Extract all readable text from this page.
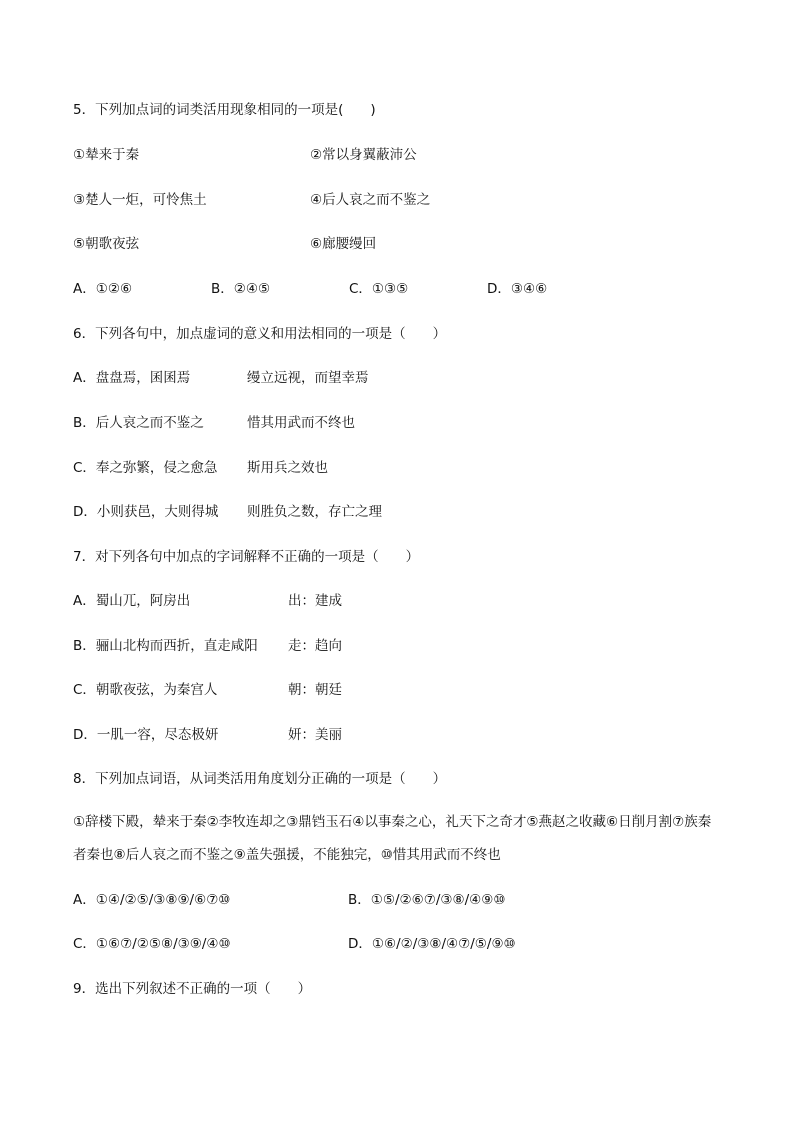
5．下列加点词的词类活用现象相同的一项是(　　)
①辇来于秦	②常以身翼蔽沛公
③楚人一炬，可怜焦土	④后人哀之而不鉴之
⑤朝歌夜弦	⑥廊腰缦回
A．①②⑥	B．②④⑤	C．①③⑤	D．③④⑥
6．下列各句中，加点虚词的意义和用法相同的一项是（　　）
A．盘盘焉，囷囷焉	缦立远视，而望幸焉
B．后人哀之而不鉴之	惜其用武而不终也
C．奉之弥繁，侵之愈急 斯用兵之效也
D．小则获邑，大则得城 则胜负之数，存亡之理
7．对下列各句中加点的字词解释不正确的一项是（　　）
A．蜀山兀，阿房出	出：建成
B．骊山北构而西折，直走咸阳 走：趋向
C．朝歌夜弦，为秦宫人	朝：朝廷
D．一肌一容，尽态极妍	妍：美丽
8．下列加点词语，从词类活用角度划分正确的一项是（　　）
①辞楼下殿，辇来于秦②李牧连却之③鼎铛玉石④以事秦之心，礼天下之奇才⑤燕赵之收藏⑥日削月割⑦族秦者秦也⑧后人哀之而不鉴之⑨盖失强援，不能独完，⑩惜其用武而不终也
A．①④/②⑤/③⑧⑨/⑥⑦⑩	B．①⑤/②⑥⑦/③⑧/④⑨⑩
C．①⑥⑦/②⑤⑧/③⑨/④⑩	D．①⑥/②/③⑧/④⑦/⑤/⑨⑩
9．选出下列叙述不正确的一项（　　）
